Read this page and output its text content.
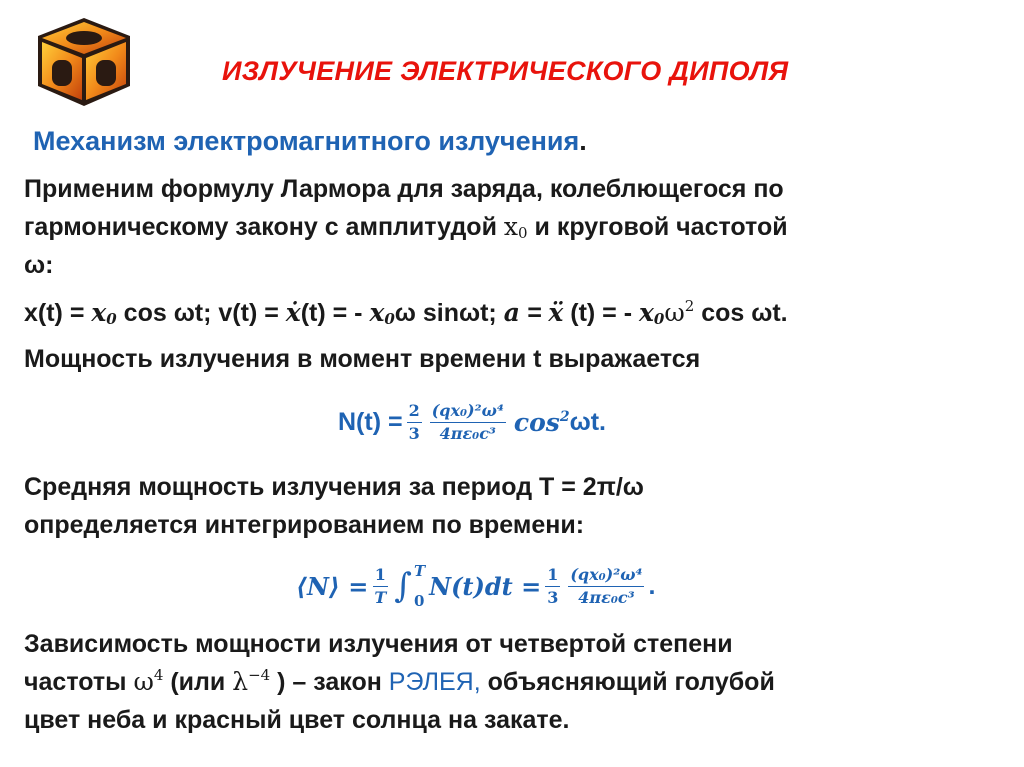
ИЗЛУЧЕНИЕ ЭЛЕКТРИЧЕСКОГО ДИПОЛЯ
Механизм электромагнитного излучения.
Применим формулу Лармора для заряда, колеблющегося по
гармоническому закону с амплитудой $x_0$ и круговой частотой
ω:
$x(t) = x_0$ cos ωt; v(t) = ẋ(t) = - $x_0\omega$ sinωt; a = ẍ (t) = - $x_0\omega^2$ cos ωt.
Мощность излучения в момент времени t выражается
$N(t) = \frac{2}{3} \frac{\text{(qx₀)²ω⁴}}{\text{4πε₀c³}} \cos^2 \omega t$.
Средняя мощность излучения за период T = 2π/ω
определяется интегрированием по времени:
⟨N⟩ = $\frac{1}{T}$ ∫ T
0
$N(t)dt = \frac{1}{3} \frac{\text{(qx₀)²ω⁴}}{\text{4πε₀c³}}$ .
Зависимость мощности излучения от четвертой степени
частоты $\omega^4$ (или $\lambda^{-4}$ ) – закон РЭЛЕЯ, объясняющий голубой
цвет неба и красный цвет солнца на закате.
